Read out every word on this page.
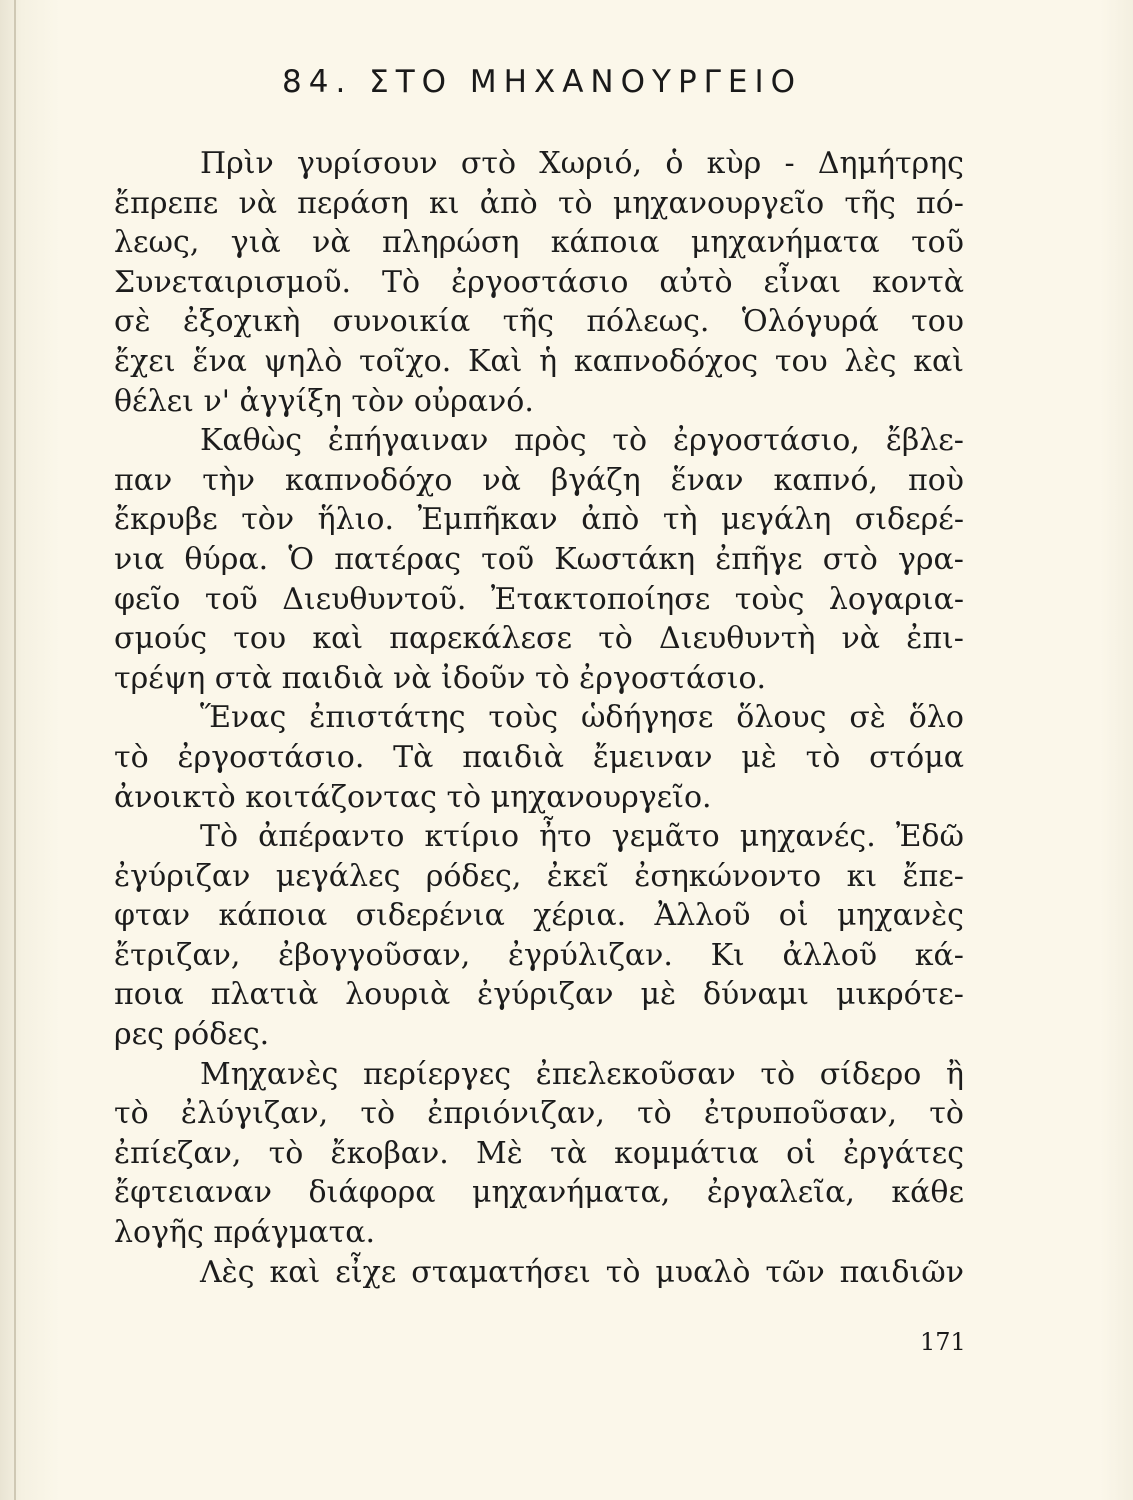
84. ΣΤΟ ΜΗΧΑΝΟΥΡΓΕΙΟ
Πρὶν γυρίσουν στὸ Χωριό, ὁ κὺρ - Δημήτρης
ἔπρεπε νὰ περάση κι ἀπὸ τὸ μηχανουργεῖο τῆς πό-
λεως, γιὰ νὰ πληρώση κάποια μηχανήματα τοῦ
Συνεταιρισμοῦ. Τὸ ἐργοστάσιο αὐτὸ εἶναι κοντὰ
σὲ ἐξοχικὴ συνοικία τῆς πόλεως. Ὁλόγυρά του
ἔχει ἕνα ψηλὸ τοῖχο. Καὶ ἡ καπνοδόχος του λὲς καὶ
θέλει ν' ἀγγίξη τὸν οὐρανό.
Καθὼς ἐπήγαιναν πρὸς τὸ ἐργοστάσιο, ἔβλε-
παν τὴν καπνοδόχο νὰ βγάζη ἕναν καπνό, ποὺ
ἔκρυβε τὸν ἥλιο. Ἐμπῆκαν ἀπὸ τὴ μεγάλη σιδερέ-
νια θύρα. Ὁ πατέρας τοῦ Κωστάκη ἐπῆγε στὸ γρα-
φεῖο τοῦ Διευθυντοῦ. Ἐτακτοποίησε τοὺς λογαρια-
σμούς του καὶ παρεκάλεσε τὸ Διευθυντὴ νὰ ἐπι-
τρέψη στὰ παιδιὰ νὰ ἰδοῦν τὸ ἐργοστάσιο.
Ἕνας ἐπιστάτης τοὺς ὡδήγησε ὅλους σὲ ὅλο
τὸ ἐργοστάσιο. Τὰ παιδιὰ ἔμειναν μὲ τὸ στόμα
ἀνοικτὸ κοιτάζοντας τὸ μηχανουργεῖο.
Τὸ ἀπέραντο κτίριο ἦτο γεμᾶτο μηχανές. Ἐδῶ
ἐγύριζαν μεγάλες ρόδες, ἐκεῖ ἐσηκώνοντο κι ἔπε-
φταν κάποια σιδερένια χέρια. Ἀλλοῦ οἱ μηχανὲς
ἔτριζαν, ἐβογγοῦσαν, ἐγρύλιζαν. Κι ἀλλοῦ κά-
ποια πλατιὰ λουριὰ ἐγύριζαν μὲ δύναμι μικρότε-
ρες ρόδες.
Μηχανὲς περίεργες ἐπελεκοῦσαν τὸ σίδερο ἢ
τὸ ἐλύγιζαν, τὸ ἐπριόνιζαν, τὸ ἐτρυποῦσαν, τὸ
ἐπίεζαν, τὸ ἔκοβαν. Μὲ τὰ κομμάτια οἱ ἐργάτες
ἔφτειαναν διάφορα μηχανήματα, ἐργαλεῖα, κάθε
λογῆς πράγματα.
Λὲς καὶ εἶχε σταματήσει τὸ μυαλὸ τῶν παιδιῶν
171
